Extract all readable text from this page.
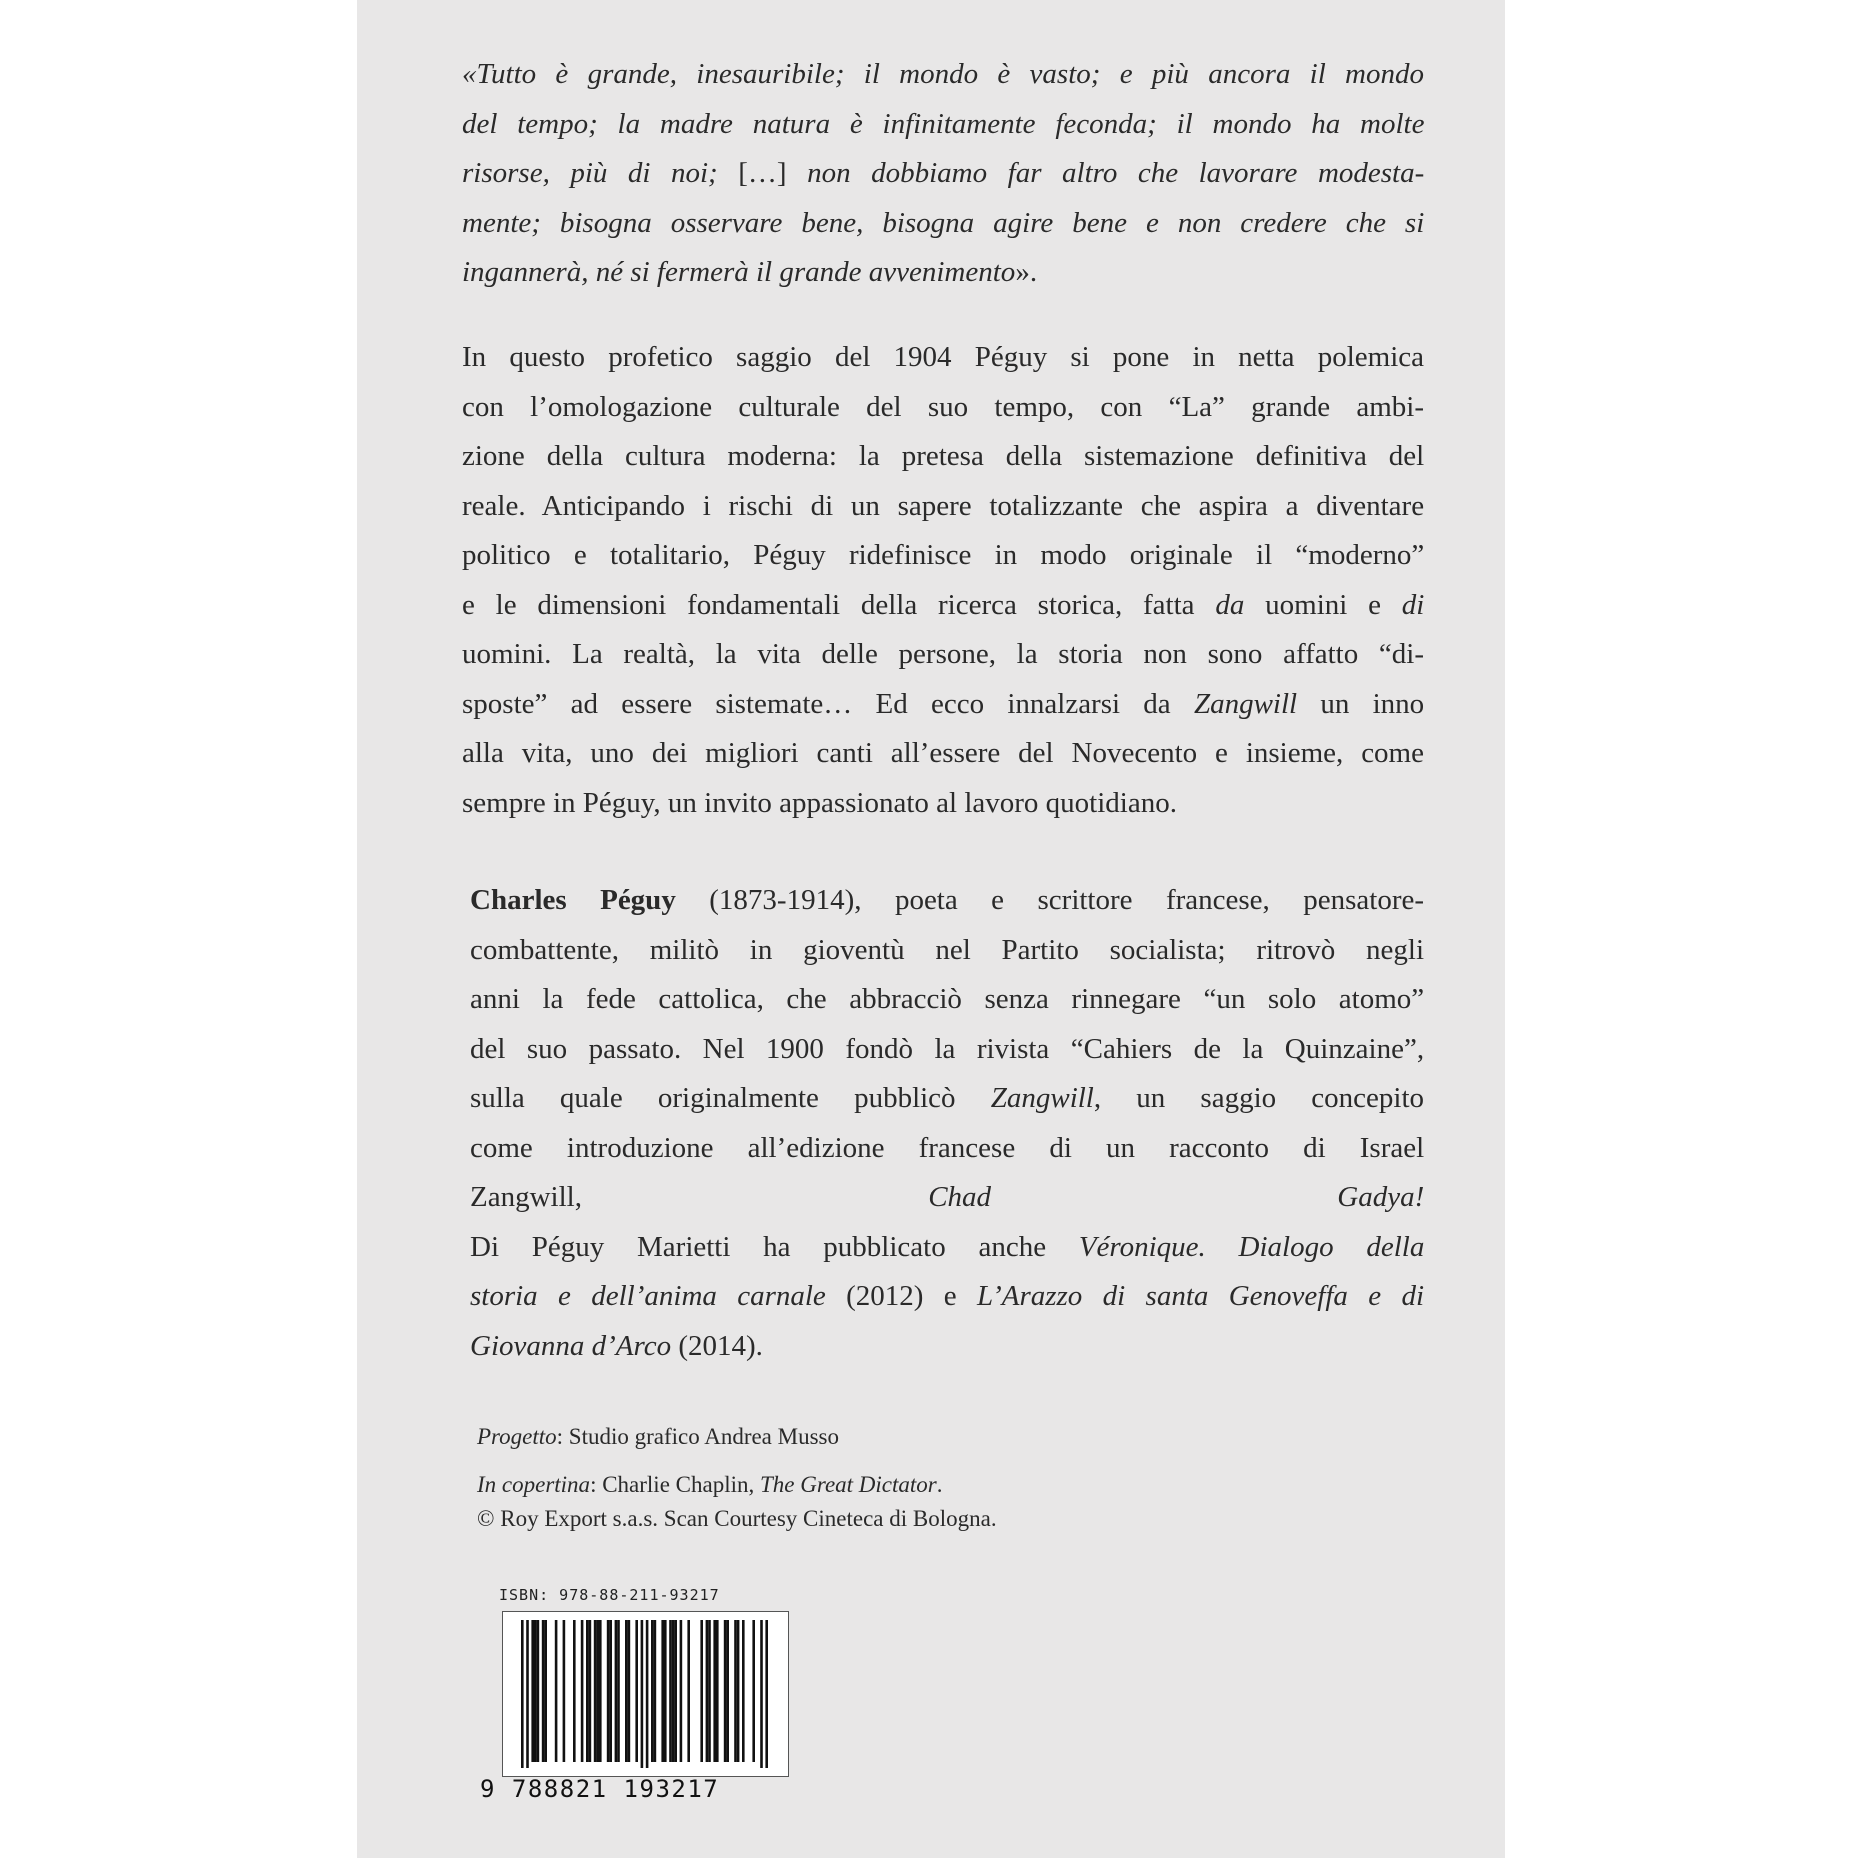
«Tutto è grande, inesauribile; il mondo è vasto; e più ancora il mondo
del tempo; la madre natura è infinitamente feconda; il mondo ha molte
risorse, più di noi; […] non dobbiamo far altro che lavorare modesta-
mente; bisogna osservare bene, bisogna agire bene e non credere che si
ingannerà, né si fermerà il grande avvenimento».
In questo profetico saggio del 1904 Péguy si pone in netta polemica
con l’omologazione culturale del suo tempo, con “La” grande ambi-
zione della cultura moderna: la pretesa della sistemazione definitiva del
reale. Anticipando i rischi di un sapere totalizzante che aspira a diventare
politico e totalitario, Péguy ridefinisce in modo originale il “moderno”
e le dimensioni fondamentali della ricerca storica, fatta da uomini e di
uomini. La realtà, la vita delle persone, la storia non sono affatto “di-
sposte” ad essere sistemate… Ed ecco innalzarsi da Zangwill un inno
alla vita, uno dei migliori canti all’essere del Novecento e insieme, come
sempre in Péguy, un invito appassionato al lavoro quotidiano.
Charles Péguy (1873-1914), poeta e scrittore francese, pensatore-
combattente, militò in gioventù nel Partito socialista; ritrovò negli
anni la fede cattolica, che abbracciò senza rinnegare “un solo atomo”
del suo passato. Nel 1900 fondò la rivista “Cahiers de la Quinzaine”,
sulla quale originalmente pubblicò Zangwill, un saggio concepito
come introduzione all’edizione francese di un racconto di Israel
Zangwill, Chad Gadya!
Di Péguy Marietti ha pubblicato anche Véronique. Dialogo della
storia e dell’anima carnale (2012) e L’Arazzo di santa Genoveffa e di
Giovanna d’Arco (2014).
Progetto: Studio grafico Andrea Musso
In copertina: Charlie Chaplin, The Great Dictator.
© Roy Export s.a.s. Scan Courtesy Cineteca di Bologna.
ISBN: 978-88-211-93217
9 788821 193217
